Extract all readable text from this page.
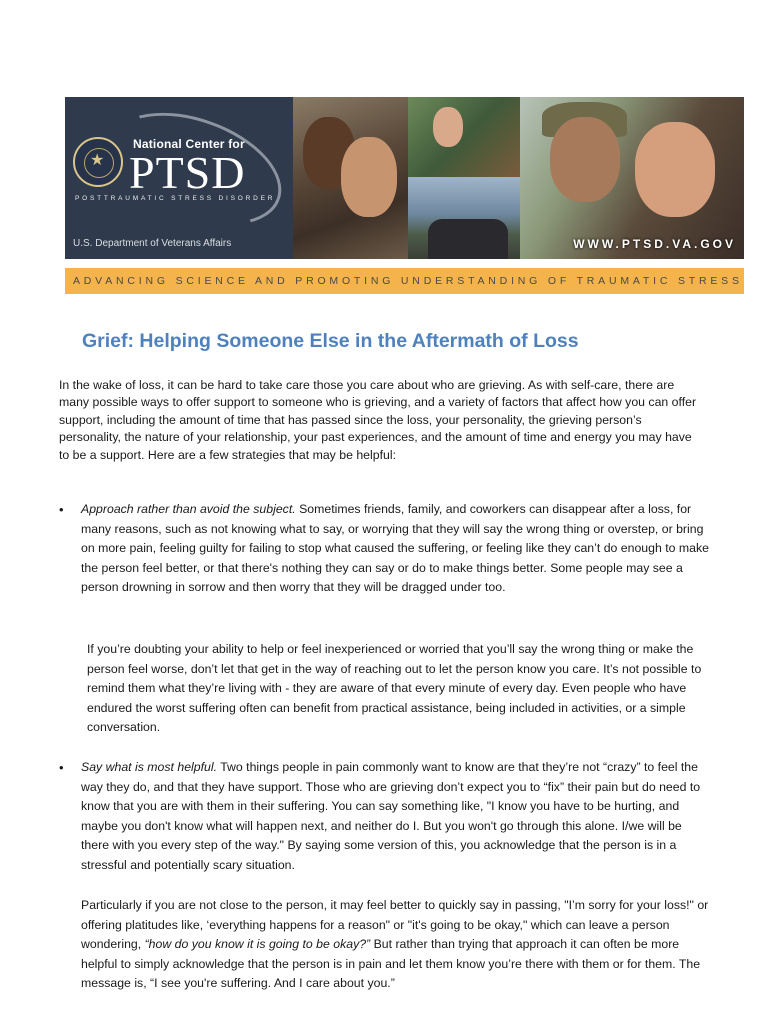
★
National Center for
PTSD
POSTTRAUMATIC STRESS DISORDER
U.S. Department of Veterans Affairs	WWW.PTSD.VA.GOV
ADVANCING SCIENCE AND PROMOTING UNDERSTANDING OF TRAUMATIC STRESS
Grief: Helping Someone Else in the Aftermath of Loss

In the wake of loss, it can be hard to take care those you care about who are grieving. As with self-care, there are many possible ways to offer support to someone who is grieving, and a variety of factors that affect how you can offer support, including the amount of time that has passed since the loss, your personality, the grieving person’s personality, the nature of your relationship, your past experiences, and the amount of time and energy you may have to be a support. Here are a few strategies that may be helpful:

• Approach rather than avoid the subject. Sometimes friends, family, and coworkers can disappear after a loss, for many reasons, such as not knowing what to say, or worrying that they will say the wrong thing or overstep, or bring on more pain, feeling guilty for failing to stop what caused the suffering, or feeling like they can’t do enough to make the person feel better, or that there's nothing they can say or do to make things better. Some people may see a person drowning in sorrow and then worry that they will be dragged under too.

If you’re doubting your ability to help or feel inexperienced or worried that you’ll say the wrong thing or make the person feel worse, don’t let that get in the way of reaching out to let the person know you care. It’s not possible to remind them what they’re living with - they are aware of that every minute of every day. Even people who have endured the worst suffering often can benefit from practical assistance, being included in activities, or a simple conversation.

• Say what is most helpful. Two things people in pain commonly want to know are that they’re not “crazy” to feel the way they do, and that they have support. Those who are grieving don’t expect you to “fix” their pain but do need to know that you are with them in their suffering. You can say something like, "I know you have to be hurting, and maybe you don't know what will happen next, and neither do I. But you won't go through this alone. I/we will be there with you every step of the way." By saying some version of this, you acknowledge that the person is in a stressful and potentially scary situation.

Particularly if you are not close to the person, it may feel better to quickly say in passing, "I’m sorry for your loss!" or offering platitudes like, ‘everything happens for a reason" or "it's going to be okay," which can leave a person wondering, “how do you know it is going to be okay?” But rather than trying that approach it can often be more helpful to simply acknowledge that the person is in pain and let them know you’re there with them or for them. The message is, “I see you're suffering. And I care about you.”
